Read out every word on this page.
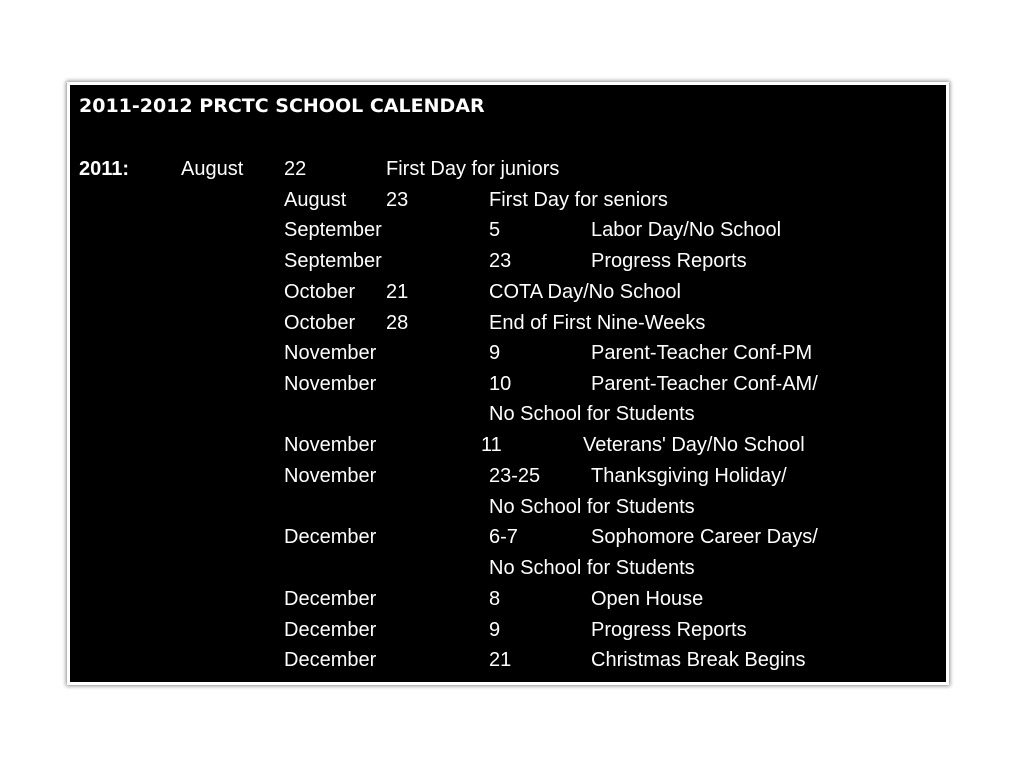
2011-2012 PRCTC SCHOOL CALENDAR
2011:	August 22	First Day for juniors
August 23	First Day for seniors
September	5	Labor Day/No School
September	23	Progress Reports
October 21	COTA Day/No School
October 28	End of First Nine-Weeks
November	9	Parent-Teacher Conf-PM
November	10	Parent-Teacher Conf-AM/
No School for Students
November	11	Veterans' Day/No School
November	23-25	Thanksgiving Holiday/
No School for Students
December	6-7	Sophomore Career Days/
No School for Students
December	8	Open House
December	9	Progress Reports
December	21	Christmas Break Begins
